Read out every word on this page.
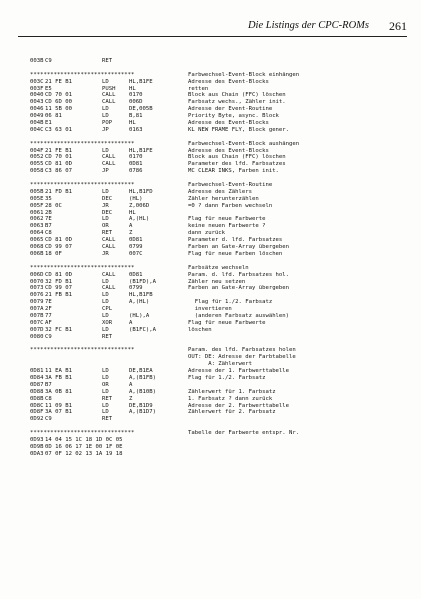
Die Listings der CPC-ROMs 261
003B C9	RET
*******************************	Farbwechsel-Event-Block einhängen
003C 21 FE B1	LD	HL,B1FE	Adresse des Event-Blocks
003F E5	PUSH HL	retten
0040 CD 70 01	CALL 0170	Block aus Chain (FFC) löschen
0043 CD 6D 00	CALL 006D	Farbsatz wechs., Zähler init.
0046 11 5B 00	LD	DE,005B	Adresse der Event-Routine
0049 06 81	LD	B,81	Priority Byte, async. Block
004B E1	POP	HL	Adresse des Event-Blocks
004C C3 63 01	JP	0163	KL NEW FRAME FLY, Block gener.
*******************************	Farbwechsel-Event-Block aushängen
004F 21 FE B1	LD	HL,B1FE	Adresse des Event-Blocks
0052 CD 70 01	CALL 0170	Block aus Chain (FFC) löschen
0055 CD 81 0D	CALL 0D81	Parameter des lfd. Farbsatzes
0058 C3 86 07	JP	0786	MC CLEAR INKS, Farben init.
*******************************	Farbwechsel-Event-Routine
005B 21 FD B1	LD	HL,B1FD	Adresse des Zählers
005E 35	DEC	(HL)	Zähler herunterzählen
005F 28 0C	JR	Z,006D	=0 ? dann Farben wechseln
0061 2B	DEC	HL
0062 7E	LD	A,(HL)	Flag für neue Farbwerte
0063 B7	OR	A	keine neuen Farbwerte ?
0064 C8	RET	Z	dann zurück
0065 CD 81 0D	CALL 0D81	Parameter d. lfd. Farbsatzes
0068 CD 99 07	CALL 0799	Farben an Gate-Array übergeben
006B 18 0F	JR	007C	Flag für neue Farben löschen
*******************************	Farbsätze wechseln
006D CD 81 0D	CALL 0D81	Param. d. lfd. Farbsatzes hol.
0070 32 FD B1	LD	(B1FD),A	Zähler neu setzen
0073 CD 99 07	CALL 0799	Farben an Gate-Array übergeben
0076 21 FB B1	LD	HL,B1FB
0079 7E	LD	A,(HL)	Flag für 1./2. Farbsatz
007A 2F	CPL	invertieren
007B 77	LD	(HL),A	(anderen Farbsatz auswählen)
007C AF	XOR	A	Flag für neue Farbwerte
007D 32 FC B1	LD	(B1FC),A	löschen
0080 C9	RET
*******************************	Param. des lfd. Farbsatzes holen
OUT: DE: Adresse der Farbtabelle
A: Zählerwert
0D81 11 EA B1	LD	DE,B1EA	Adresse der 1. Farbwerttabelle
0D84 3A FB B1	LD	A,(B1FB)	Flag für 1./2. Farbsatz
0D87 B7	OR	A
0D88 3A 0B 81	LD	A,(B10B)	Zählerwert für 1. Farbsatz
0D8B C8	RET	Z	1. Farbsatz ? dann zurück
0D8C 11 09 B1	LD	DE,B1D9	Adresse der 2. Farbwerttabelle
0D8F 3A 07 B1	LD	A,(B1D7)	Zählerwert für 2. Farbsatz
0D92 C9	RET
*******************************	Tabelle der Farbwerte entspr. Nr.
0D93 14 04 15 1C 18 1D 0C 05
0D9B 0D 16 06 17 1E 00 1F 0E
0DA3 07 0F 12 02 13 1A 19 18
